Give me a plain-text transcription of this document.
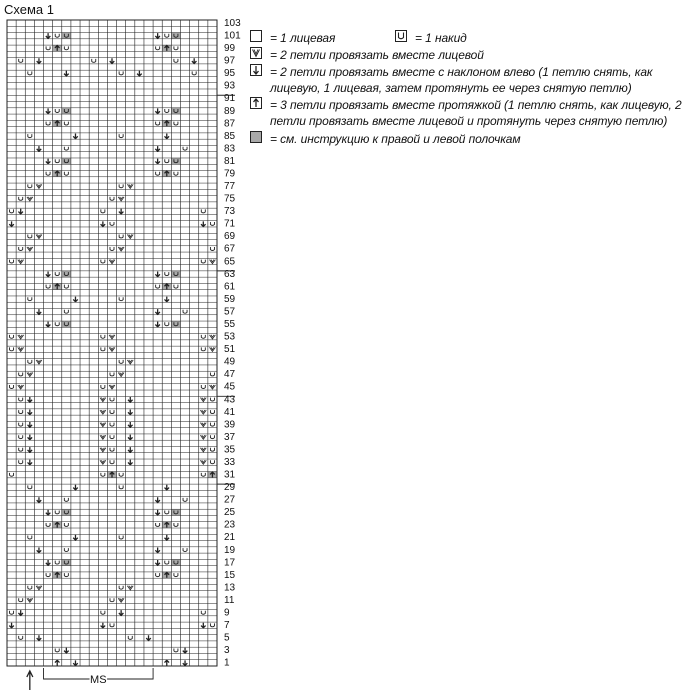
Схема 1
1
3
5
7
9
11
13
15
17
19
21
23
25
27
29
31
33
35
37
39
41
43
45
47
49
51
53
55
57
59
61
63
65
67
69
71
73
75
77
79
81
83
85
87
89
91
93
95
97
99
101
103
MS
= 1 лицевая	= 1 накид
= 2 петли провязать вместе лицевой
= 2 петли провязать вместе с наклоном влево (1 петлю снять, как лицевую, 1 лицевая, затем протянуть ее через снятую петлю)
= 3 петли провязать вместе протяжкой (1 петлю снять, как лицевую, 2 петли провязать вместе лицевой и протянуть через снятую петлю)
= см. инструкцию к правой и левой полочкам
